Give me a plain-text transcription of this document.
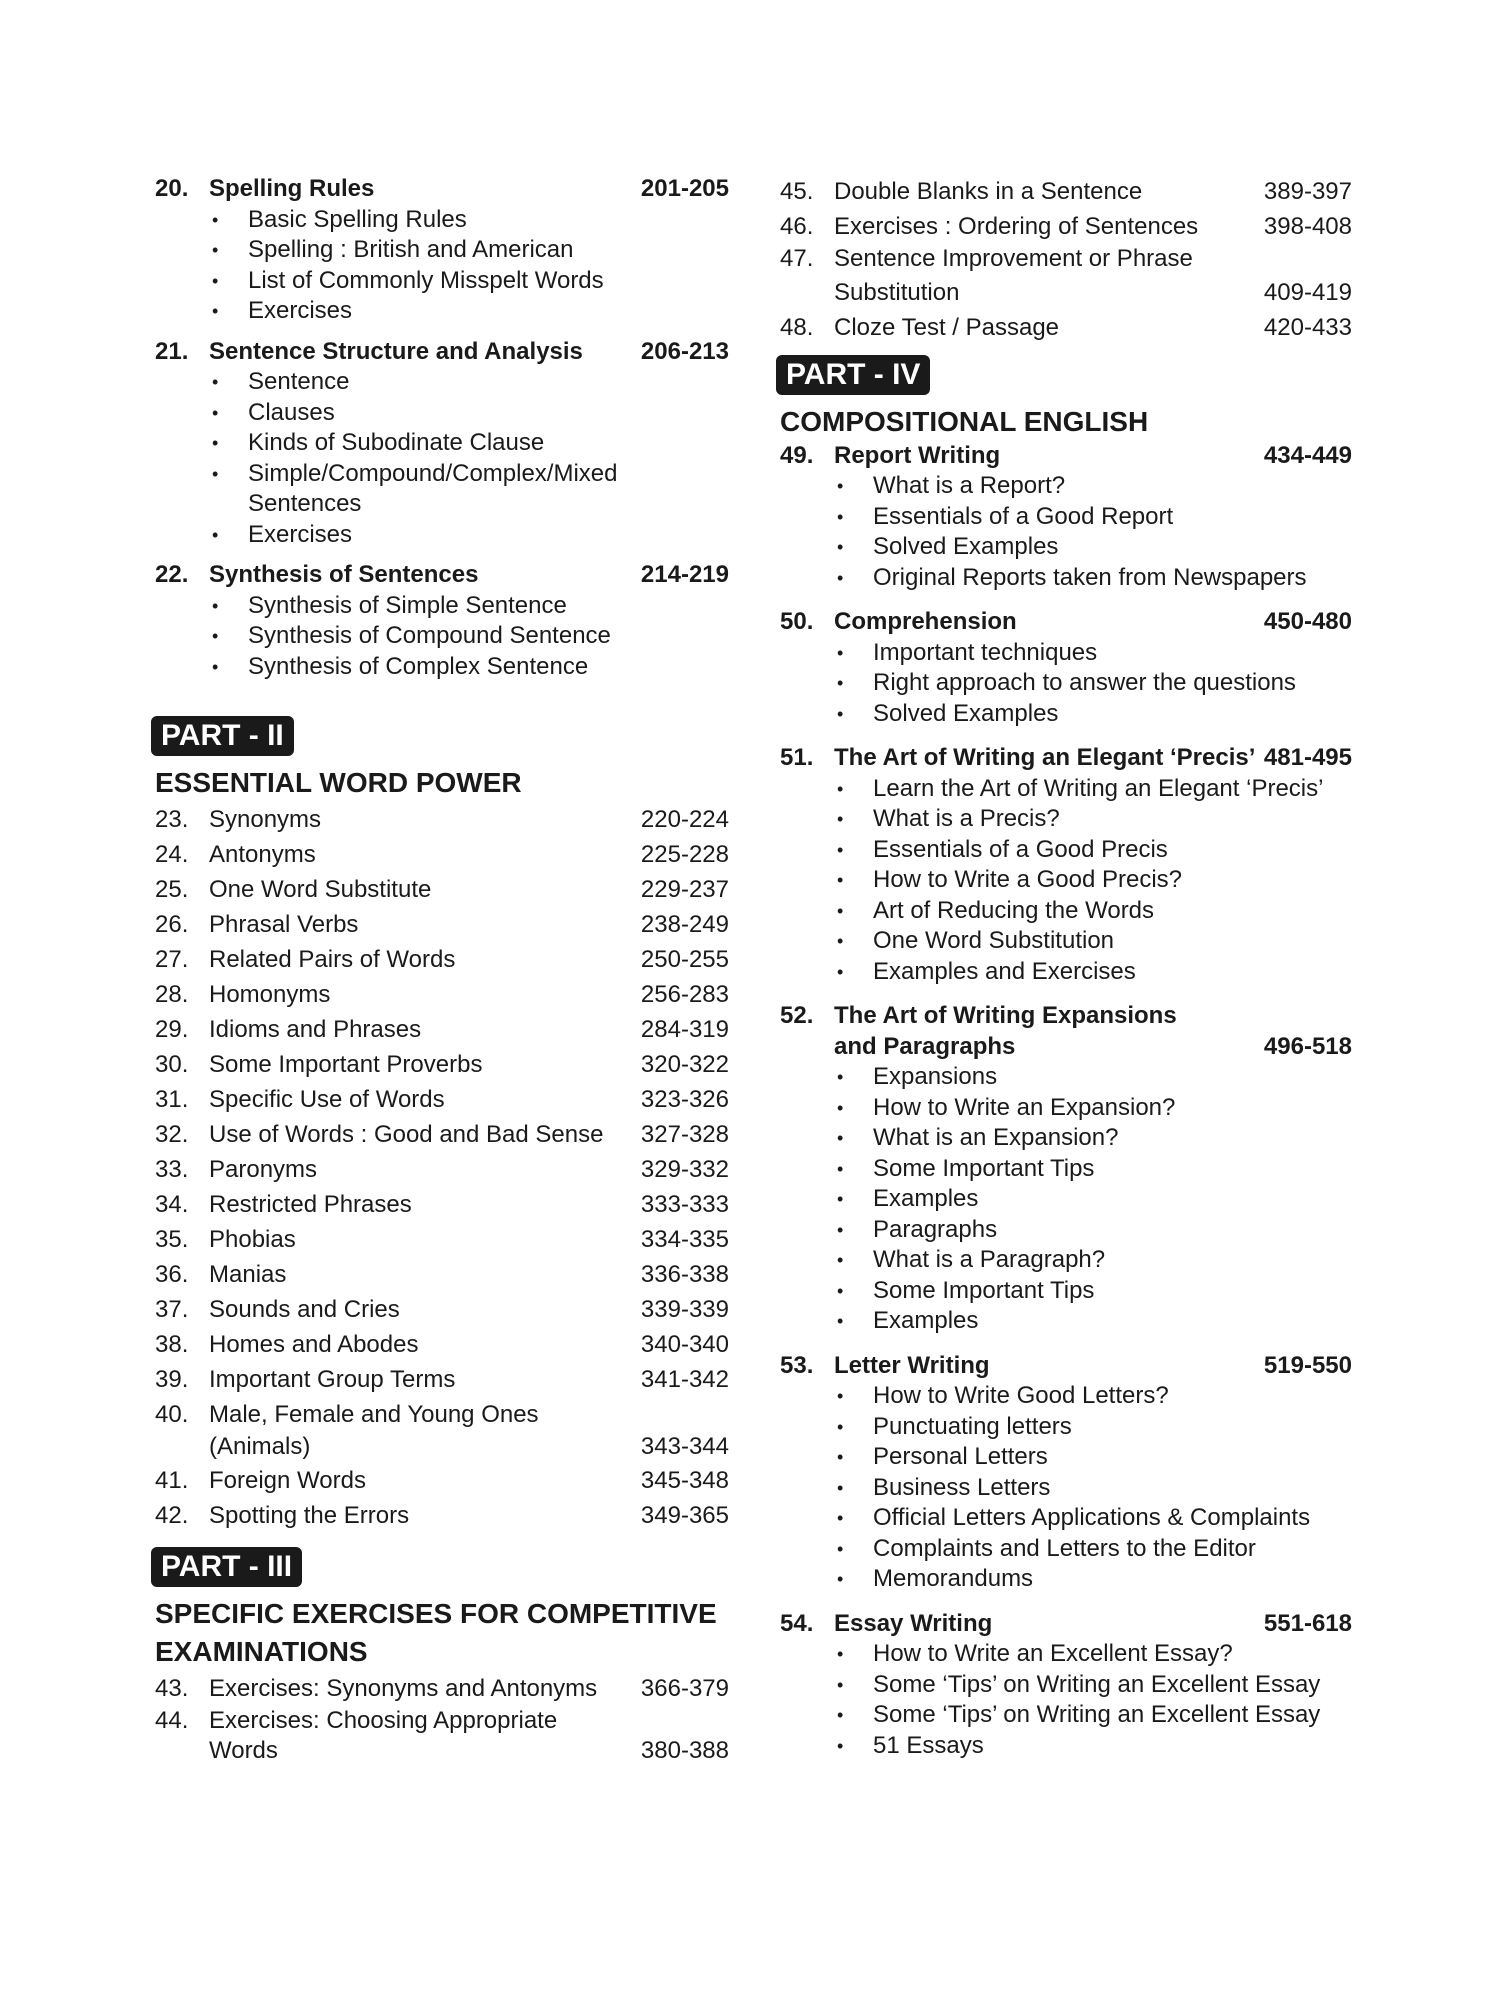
20. Spelling Rules	201-205

• Basic Spelling Rules

• Spelling : British and American

• List of Commonly Misspelt Words

• Exercises

21. Sentence Structure and Analysis 206-213

• Sentence

• Clauses

• Kinds of Subodinate Clause

• Simple/Compound/Complex/Mixed

Sentences

• Exercises

22. Synthesis of Sentences	214-219

• Synthesis of Simple Sentence

• Synthesis of Compound Sentence

• Synthesis of Complex Sentence

PART - II
ESSENTIAL WORD POWER
23. Synonyms	220-224

24. Antonyms	225-228

25. One Word Substitute	229-237

26. Phrasal Verbs	238-249

27. Related Pairs of Words	250-255

28. Homonyms	256-283

29. Idioms and Phrases	284-319

30. Some Important Proverbs	320-322

31. Specific Use of Words	323-326

32. Use of Words : Good and Bad Sense 327-328

33. Paronyms	329-332

34. Restricted Phrases	333-333

35. Phobias	334-335

36. Manias	336-338

37. Sounds and Cries	339-339

38. Homes and Abodes	340-340

39. Important Group Terms	341-342

40. Male, Female and Young Ones

(Animals)	343-344

41. Foreign Words	345-348

42. Spotting the Errors	349-365

PART - III
SPECIFIC EXERCISES FOR COMPETITIVE
EXAMINATIONS
43. Exercises: Synonyms and Antonyms 366-379

44. Exercises: Choosing Appropriate

Words	380-388

45. Double Blanks in a Sentence	389-397

46. Exercises : Ordering of Sentences	398-408

47. Sentence Improvement or Phrase

Substitution	409-419

48. Cloze Test / Passage	420-433

PART - IV
COMPOSITIONAL ENGLISH
49. Report Writing	434-449

• What is a Report?

• Essentials of a Good Report

• Solved Examples

• Original Reports taken from Newspapers

50. Comprehension	450-480

• Important techniques

• Right approach to answer the questions

• Solved Examples

51. The Art of Writing an Elegant ‘Precis’ 481-495

• Learn the Art of Writing an Elegant ‘Precis’

• What is a Precis?

• Essentials of a Good Precis

• How to Write a Good Precis?

• Art of Reducing the Words

• One Word Substitution

• Examples and Exercises

52. The Art of Writing Expansions

and Paragraphs	496-518

• Expansions

• How to Write an Expansion?

• What is an Expansion?

• Some Important Tips

• Examples

• Paragraphs

• What is a Paragraph?

• Some Important Tips

• Examples

53. Letter Writing	519-550

• How to Write Good Letters?

• Punctuating letters

• Personal Letters

• Business Letters

• Official Letters Applications & Complaints

• Complaints and Letters to the Editor

• Memorandums

54. Essay Writing	551-618

• How to Write an Excellent Essay?

• Some ‘Tips’ on Writing an Excellent Essay

• Some ‘Tips’ on Writing an Excellent Essay

• 51 Essays
